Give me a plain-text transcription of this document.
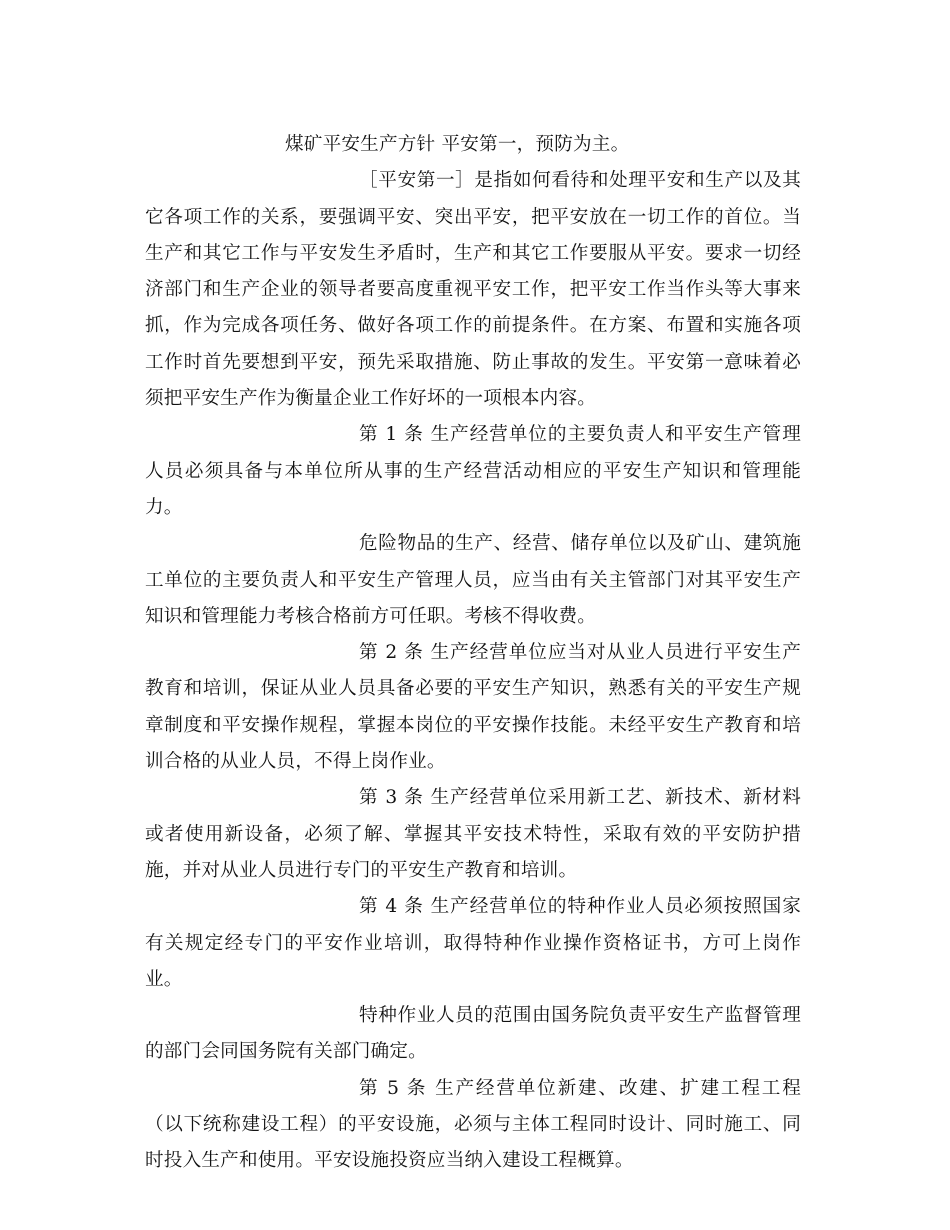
煤矿平安生产方针 平安第一，预防为主。

［平安第一］是指如何看待和处理平安和生产以及其它各项工作的关系，要强调平安、突出平安，把平安放在一切工作的首位。当生产和其它工作与平安发生矛盾时，生产和其它工作要服从平安。要求一切经济部门和生产企业的领导者要高度重视平安工作，把平安工作当作头等大事来抓，作为完成各项任务、做好各项工作的前提条件。在方案、布置和实施各项工作时首先要想到平安，预先采取措施、防止事故的发生。平安第一意味着必须把平安生产作为衡量企业工作好坏的一项根本内容。

第 1 条 生产经营单位的主要负责人和平安生产管理人员必须具备与本单位所从事的生产经营活动相应的平安生产知识和管理能力。

危险物品的生产、经营、储存单位以及矿山、建筑施工单位的主要负责人和平安生产管理人员，应当由有关主管部门对其平安生产知识和管理能力考核合格前方可任职。考核不得收费。

第 2 条 生产经营单位应当对从业人员进行平安生产教育和培训，保证从业人员具备必要的平安生产知识，熟悉有关的平安生产规章制度和平安操作规程，掌握本岗位的平安操作技能。未经平安生产教育和培训合格的从业人员，不得上岗作业。

第 3 条 生产经营单位采用新工艺、新技术、新材料或者使用新设备，必须了解、掌握其平安技术特性，采取有效的平安防护措施，并对从业人员进行专门的平安生产教育和培训。

第 4 条 生产经营单位的特种作业人员必须按照国家有关规定经专门的平安作业培训，取得特种作业操作资格证书，方可上岗作业。

特种作业人员的范围由国务院负责平安生产监督管理的部门会同国务院有关部门确定。

第 5 条 生产经营单位新建、改建、扩建工程工程（以下统称建设工程）的平安设施，必须与主体工程同时设计、同时施工、同时投入生产和使用。平安设施投资应当纳入建设工程概算。
